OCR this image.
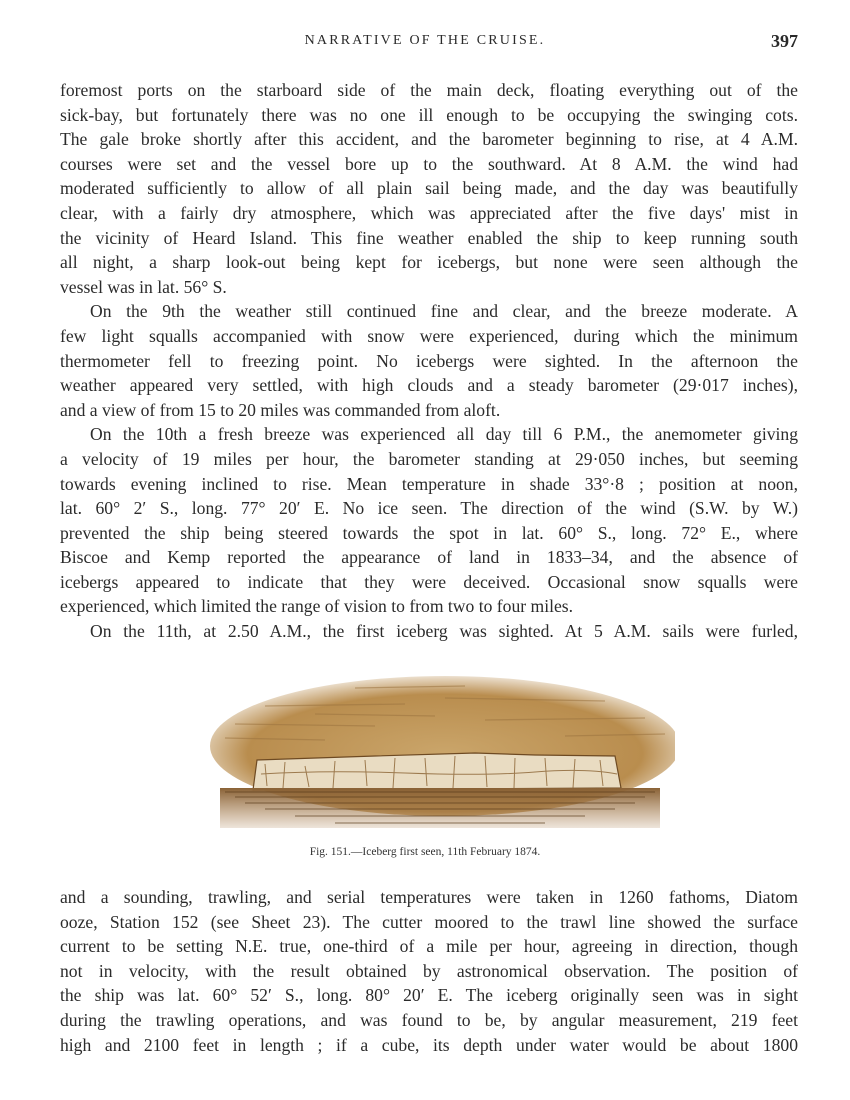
NARRATIVE OF THE CRUISE.	397
foremost ports on the starboard side of the main deck, floating everything out of the
sick-bay, but fortunately there was no one ill enough to be occupying the swinging cots.
The gale broke shortly after this accident, and the barometer beginning to rise, at 4 A.M.
courses were set and the vessel bore up to the southward. At 8 A.M. the wind had
moderated sufficiently to allow of all plain sail being made, and the day was beautifully
clear, with a fairly dry atmosphere, which was appreciated after the five days' mist in
the vicinity of Heard Island. This fine weather enabled the ship to keep running south
all night, a sharp look-out being kept for icebergs, but none were seen although the
vessel was in lat. 56° S.
On the 9th the weather still continued fine and clear, and the breeze moderate. A
few light squalls accompanied with snow were experienced, during which the minimum
thermometer fell to freezing point. No icebergs were sighted. In the afternoon the
weather appeared very settled, with high clouds and a steady barometer (29·017 inches),
and a view of from 15 to 20 miles was commanded from aloft.
On the 10th a fresh breeze was experienced all day till 6 P.M., the anemometer giving
a velocity of 19 miles per hour, the barometer standing at 29·050 inches, but seeming
towards evening inclined to rise. Mean temperature in shade 33°·8 ; position at noon,
lat. 60° 2′ S., long. 77° 20′ E. No ice seen. The direction of the wind (S.W. by W.)
prevented the ship being steered towards the spot in lat. 60° S., long. 72° E., where
Biscoe and Kemp reported the appearance of land in 1833–34, and the absence of
icebergs appeared to indicate that they were deceived. Occasional snow squalls were
experienced, which limited the range of vision to from two to four miles.
On the 11th, at 2.50 A.M., the first iceberg was sighted. At 5 A.M. sails were furled,
Fig. 151.—Iceberg first seen, 11th February 1874.
and a sounding, trawling, and serial temperatures were taken in 1260 fathoms, Diatom
ooze, Station 152 (see Sheet 23). The cutter moored to the trawl line showed the surface
current to be setting N.E. true, one-third of a mile per hour, agreeing in direction, though
not in velocity, with the result obtained by astronomical observation. The position of
the ship was lat. 60° 52′ S., long. 80° 20′ E. The iceberg originally seen was in sight
during the trawling operations, and was found to be, by angular measurement, 219 feet
high and 2100 feet in length ; if a cube, its depth under water would be about 1800
